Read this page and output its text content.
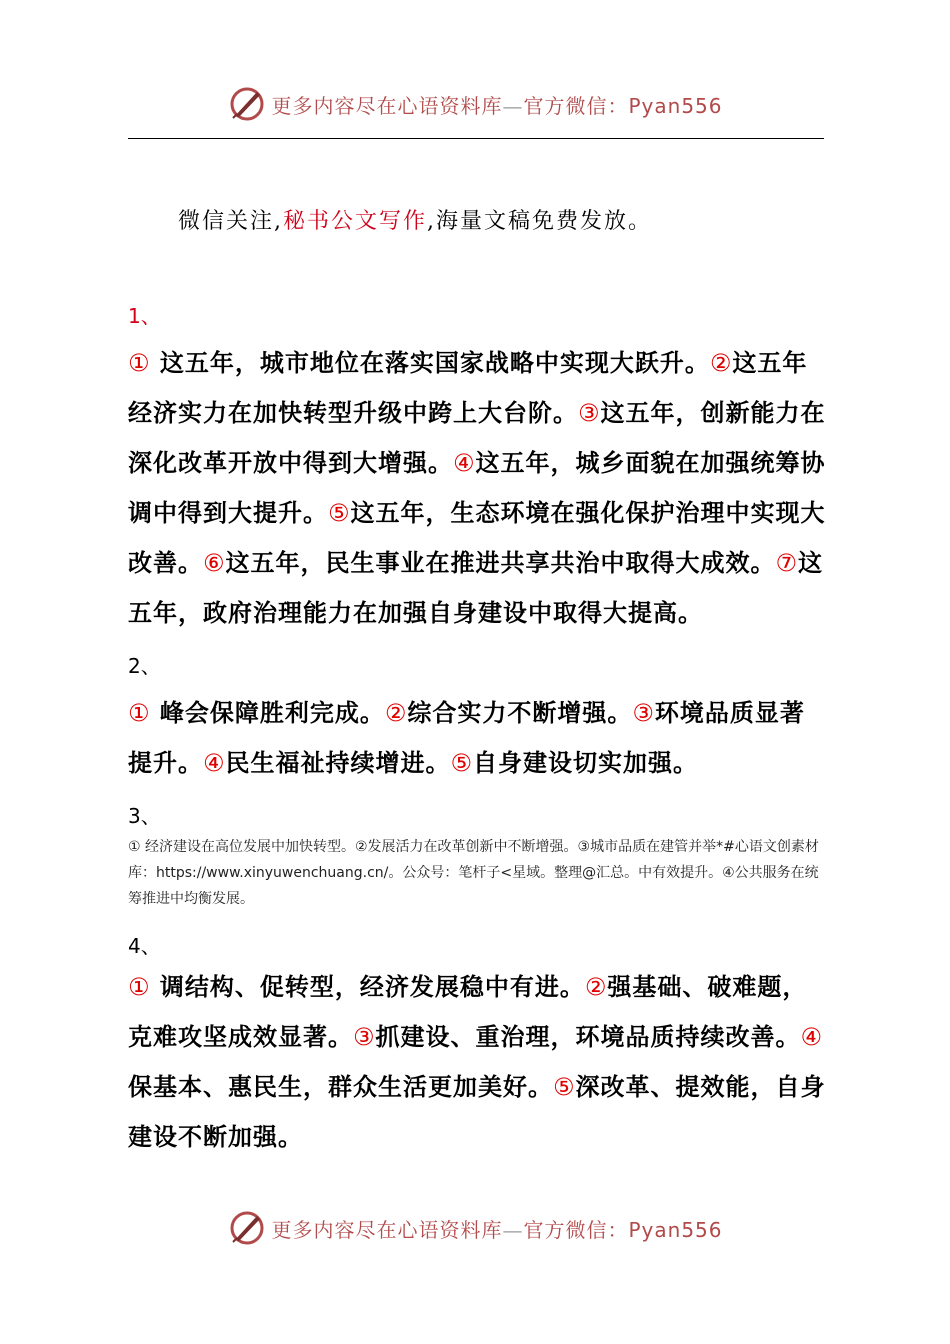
更多内容尽在心语资料库—官方微信：Pyan556
微信关注,秘书公文写作,海量文稿免费发放。
1、
① 这五年，城市地位在落实国家战略中实现大跃升。②这五年经济实力在加快转型升级中跨上大台阶。③这五年，创新能力在深化改革开放中得到大增强。④这五年，城乡面貌在加强统筹协调中得到大提升。⑤这五年，生态环境在强化保护治理中实现大改善。⑥这五年，民生事业在推进共享共治中取得大成效。⑦这五年，政府治理能力在加强自身建设中取得大提高。
2、
① 峰会保障胜利完成。②综合实力不断增强。③环境品质显著提升。④民生福祉持续增进。⑤自身建设切实加强。
3、
① 经济建设在高位发展中加快转型。②发展活力在改革创新中不断增强。③城市品质在建管并举*#心语文创素材库：https://www.xinyuwenchuang.cn/。公众号：笔杆子<星域。整理@汇总。中有效提升。④公共服务在统筹推进中均衡发展。
4、
① 调结构、促转型，经济发展稳中有进。②强基础、破难题，克难攻坚成效显著。③抓建设、重治理，环境品质持续改善。④保基本、惠民生，群众生活更加美好。⑤深改革、提效能，自身建设不断加强。
更多内容尽在心语资料库—官方微信：Pyan556
